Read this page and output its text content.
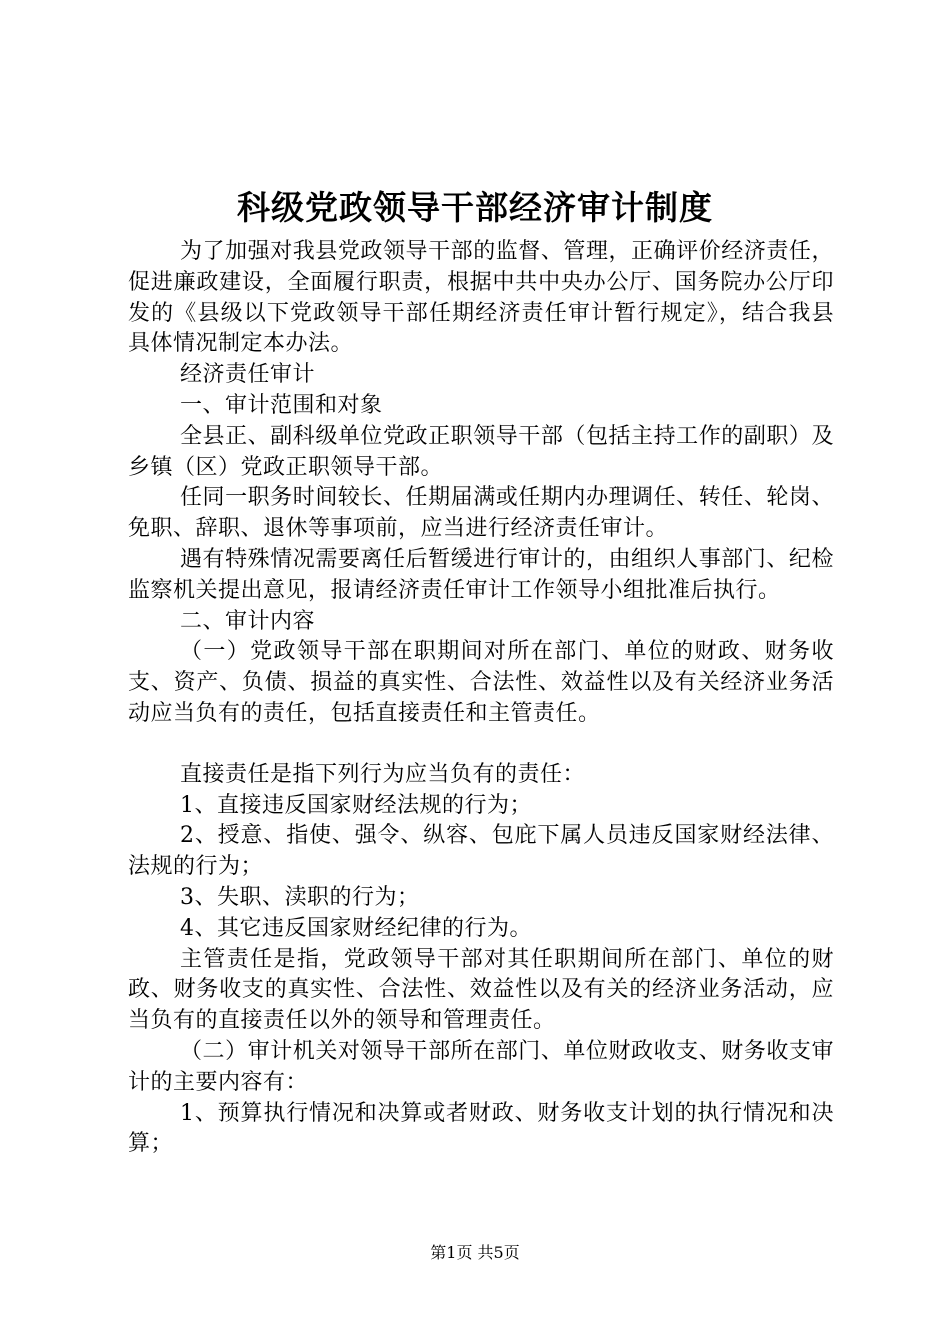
科级党政领导干部经济审计制度

为了加强对我县党政领导干部的监督、管理，正确评价经济责任，促进廉政建设，全面履行职责，根据中共中央办公厅、国务院办公厅印发的《县级以下党政领导干部任期经济责任审计暂行规定》，结合我县具体情况制定本办法。

经济责任审计

一、审计范围和对象

全县正、副科级单位党政正职领导干部（包括主持工作的副职）及乡镇（区）党政正职领导干部。

任同一职务时间较长、任期届满或任期内办理调任、转任、轮岗、免职、辞职、退休等事项前，应当进行经济责任审计。

遇有特殊情况需要离任后暂缓进行审计的，由组织人事部门、纪检监察机关提出意见，报请经济责任审计工作领导小组批准后执行。

二、审计内容

（一）党政领导干部在职期间对所在部门、单位的财政、财务收支、资产、负债、损益的真实性、合法性、效益性以及有关经济业务活动应当负有的责任，包括直接责任和主管责任。

直接责任是指下列行为应当负有的责任：

1、直接违反国家财经法规的行为；

2、授意、指使、强令、纵容、包庇下属人员违反国家财经法律、法规的行为；

3、失职、渎职的行为；

4、其它违反国家财经纪律的行为。

主管责任是指，党政领导干部对其任职期间所在部门、单位的财政、财务收支的真实性、合法性、效益性以及有关的经济业务活动，应当负有的直接责任以外的领导和管理责任。

（二）审计机关对领导干部所在部门、单位财政收支、财务收支审计的主要内容有：

1、预算执行情况和决算或者财政、财务收支计划的执行情况和决算；

第1页 共5页
